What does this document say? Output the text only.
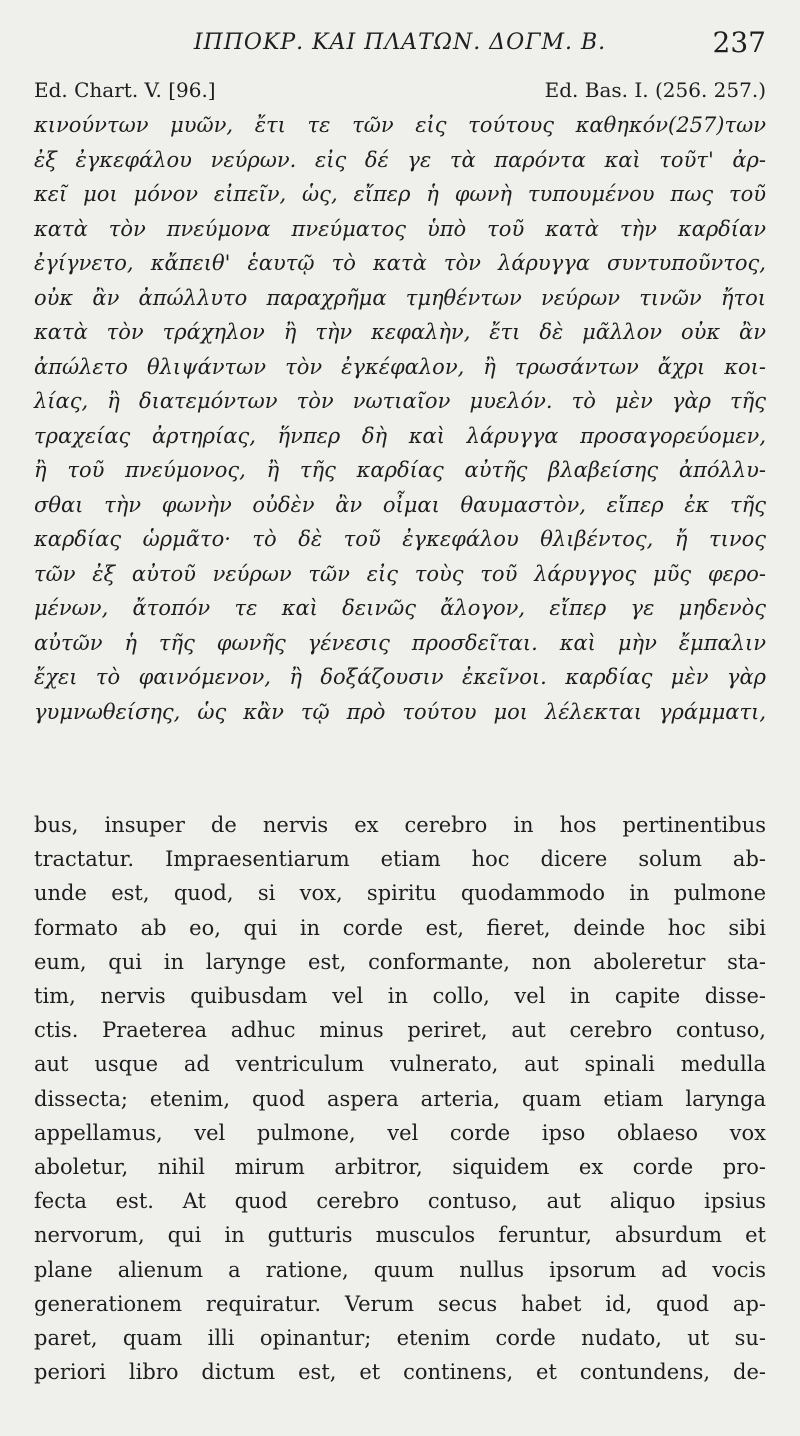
ΙΠΠΟΚΡ. ΚΑΙ ΠΛΑΤΩΝ. ΔΟΓΜ. Β.	237
Ed. Chart. V. [96.]	Ed. Bas. I. (256. 257.)
κινούντων μυῶν, ἔτι τε τῶν εἰς τούτους καθηκόν(257)των
ἐξ ἐγκεφάλου νεύρων. εἰς δέ γε τὰ παρόντα καὶ τοῦτ' ἀρ-
κεῖ μοι μόνον εἰπεῖν, ὡς, εἴπερ ἡ φωνὴ τυπουμένου πως τοῦ
κατὰ τὸν πνεύμονα πνεύματος ὑπὸ τοῦ κατὰ τὴν καρδίαν
ἐγίγνετο, κἄπειθ' ἑαυτῷ τὸ κατὰ τὸν λάρυγγα συντυποῦντος,
οὐκ ἂν ἀπώλλυτο παραχρῆμα τμηθέντων νεύρων τινῶν ἤτοι
κατὰ τὸν τράχηλον ἢ τὴν κεφαλὴν, ἔτι δὲ μᾶλλον οὐκ ἂν
ἀπώλετο θλιψάντων τὸν ἐγκέφαλον, ἢ τρωσάντων ἄχρι κοι-
λίας, ἢ διατεμόντων τὸν νωτιαῖον μυελόν. τὸ μὲν γὰρ τῆς
τραχείας ἀρτηρίας, ἥνπερ δὴ καὶ λάρυγγα προσαγορεύομεν,
ἢ τοῦ πνεύμονος, ἢ τῆς καρδίας αὐτῆς βλαβείσης ἀπόλλυ-
σθαι τὴν φωνὴν οὐδὲν ἂν οἶμαι θαυμαστὸν, εἴπερ ἐκ τῆς
καρδίας ὡρμᾶτο· τὸ δὲ τοῦ ἐγκεφάλου θλιβέντος, ἤ τινος
τῶν ἐξ αὐτοῦ νεύρων τῶν εἰς τοὺς τοῦ λάρυγγος μῦς φερο-
μένων, ἄτοπόν τε καὶ δεινῶς ἄλογον, εἴπερ γε μηδενὸς
αὐτῶν ἡ τῆς φωνῆς γένεσις προσδεῖται. καὶ μὴν ἔμπαλιν
ἔχει τὸ φαινόμενον, ἢ δοξάζουσιν ἐκεῖνοι. καρδίας μὲν γὰρ
γυμνωθείσης, ὡς κἂν τῷ πρὸ τούτου μοι λέλεκται γράμματι,
bus, insuper de nervis ex cerebro in hos pertinentibus
tractatur. Impraesentiarum etiam hoc dicere solum ab-
unde est, quod, si vox, spiritu quodammodo in pulmone
formato ab eo, qui in corde est, fieret, deinde hoc sibi
eum, qui in larynge est, conformante, non aboleretur sta-
tim, nervis quibusdam vel in collo, vel in capite disse-
ctis. Praeterea adhuc minus periret, aut cerebro contuso,
aut usque ad ventriculum vulnerato, aut spinali medulla
dissecta; etenim, quod aspera arteria, quam etiam larynga
appellamus, vel pulmone, vel corde ipso oblaeso vox
aboletur, nihil mirum arbitror, siquidem ex corde pro-
fecta est. At quod cerebro contuso, aut aliquo ipsius
nervorum, qui in gutturis musculos feruntur, absurdum et
plane alienum a ratione, quum nullus ipsorum ad vocis
generationem requiratur. Verum secus habet id, quod ap-
paret, quam illi opinantur; etenim corde nudato, ut su-
periori libro dictum est, et continens, et contundens, de-
